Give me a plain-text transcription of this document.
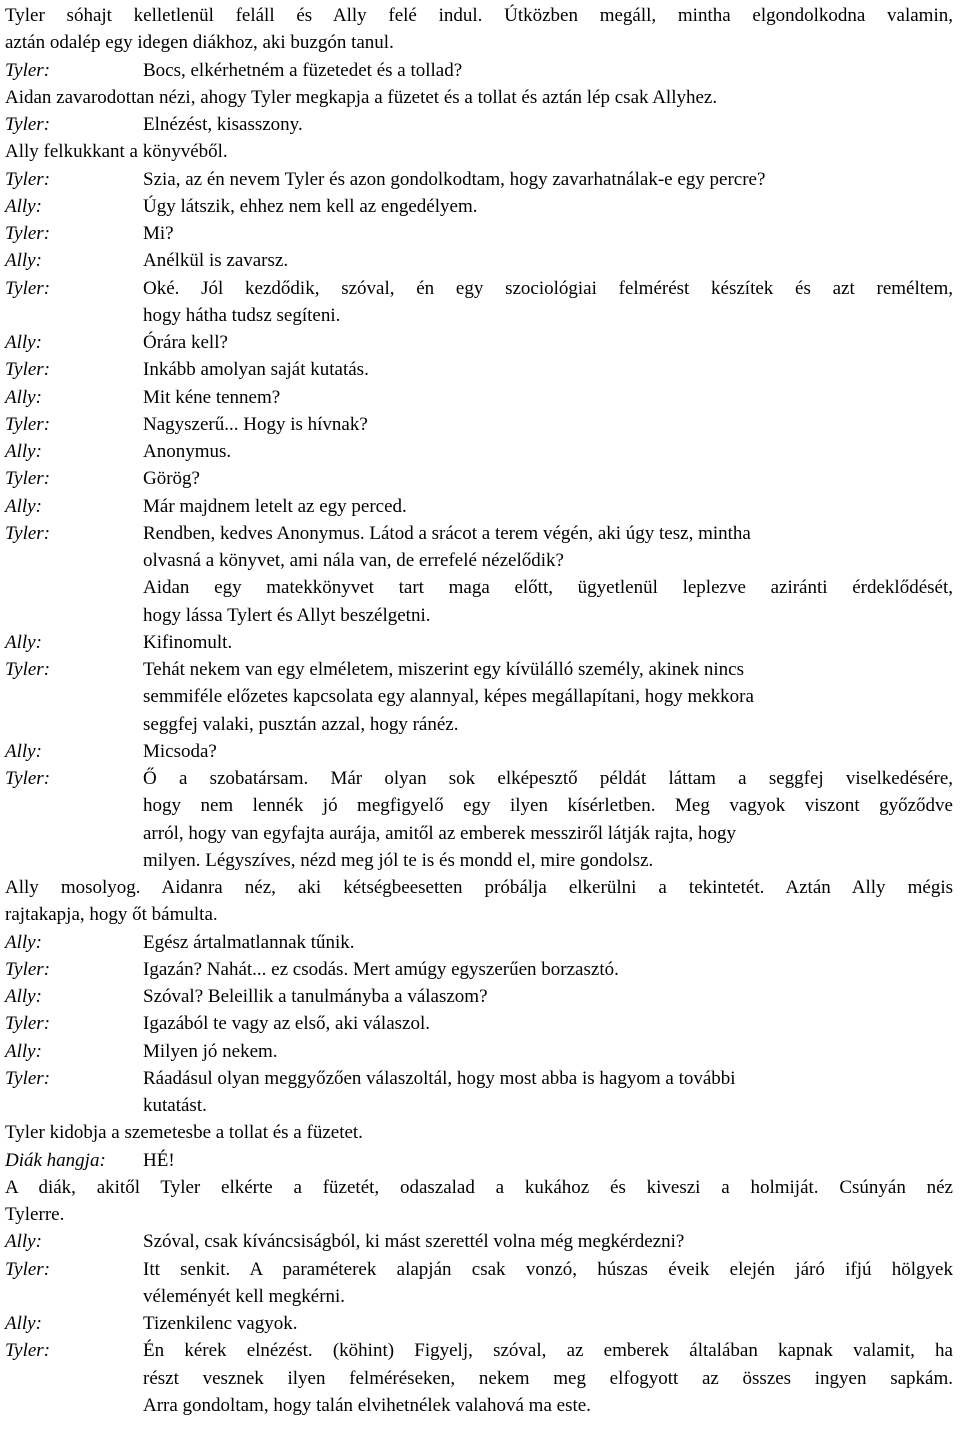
Tyler sóhajt kelletlenül feláll és Ally felé indul. Útközben megáll, mintha elgondolkodna valamin,
aztán odalép egy idegen diákhoz, aki buzgón tanul.
Tyler:	Bocs, elkérhetném a füzetedet és a tollad?
Aidan zavarodottan nézi, ahogy Tyler megkapja a füzetet és a tollat és aztán lép csak Allyhez.
Tyler:	Elnézést, kisasszony.
Ally felkukkant a könyvéből.
Tyler:	Szia, az én nevem Tyler és azon gondolkodtam, hogy zavarhatnálak-e egy percre?
Ally:	Úgy látszik, ehhez nem kell az engedélyem.
Tyler:	Mi?
Ally:	Anélkül is zavarsz.
Tyler:	Oké. Jól kezdődik, szóval, én egy szociológiai felmérést készítek és azt reméltem,
hogy hátha tudsz segíteni.
Ally:	Órára kell?
Tyler:	Inkább amolyan saját kutatás.
Ally:	Mit kéne tennem?
Tyler:	Nagyszerű... Hogy is hívnak?
Ally:	Anonymus.
Tyler:	Görög?
Ally:	Már majdnem letelt az egy perced.
Tyler:	Rendben, kedves Anonymus. Látod a srácot a terem végén, aki úgy tesz, mintha
olvasná a könyvet, ami nála van, de errefelé nézelődik?
Aidan egy matekkönyvet tart maga előtt, ügyetlenül leplezve aziránti érdeklődését,
hogy lássa Tylert és Allyt beszélgetni.
Ally:	Kifinomult.
Tyler:	Tehát nekem van egy elméletem, miszerint egy kívülálló személy, akinek nincs
semmiféle előzetes kapcsolata egy alannyal, képes megállapítani, hogy mekkora
seggfej valaki, pusztán azzal, hogy ránéz.
Ally:	Micsoda?
Tyler:	Ő a szobatársam. Már olyan sok elképesztő példát láttam a seggfej viselkedésére,
hogy nem lennék jó megfigyelő egy ilyen kísérletben. Meg vagyok viszont győződve
arról, hogy van egyfajta aurája, amitől az emberek messziről látják rajta, hogy
milyen. Légyszíves, nézd meg jól te is és mondd el, mire gondolsz.
Ally mosolyog. Aidanra néz, aki kétségbeesetten próbálja elkerülni a tekintetét. Aztán Ally mégis
rajtakapja, hogy őt bámulta.
Ally:	Egész ártalmatlannak tűnik.
Tyler:	Igazán? Nahát... ez csodás. Mert amúgy egyszerűen borzasztó.
Ally:	Szóval? Beleillik a tanulmányba a válaszom?
Tyler:	Igazából te vagy az első, aki válaszol.
Ally:	Milyen jó nekem.
Tyler:	Ráadásul olyan meggyőzően válaszoltál, hogy most abba is hagyom a további
kutatást.
Tyler kidobja a szemetesbe a tollat és a füzetet.
Diák hangja:	HÉ!
A diák, akitől Tyler elkérte a füzetét, odaszalad a kukához és kiveszi a holmiját. Csúnyán néz
Tylerre.
Ally:	Szóval, csak kíváncsiságból, ki mást szerettél volna még megkérdezni?
Tyler:	Itt senkit. A paraméterek alapján csak vonzó, húszas éveik elején járó ifjú hölgyek
véleményét kell megkérni.
Ally:	Tizenkilenc vagyok.
Tyler:	Én kérek elnézést. (köhint) Figyelj, szóval, az emberek általában kapnak valamit, ha
részt vesznek ilyen felméréseken, nekem meg elfogyott az összes ingyen sapkám.
Arra gondoltam, hogy talán elvihetnélek valahová ma este.
